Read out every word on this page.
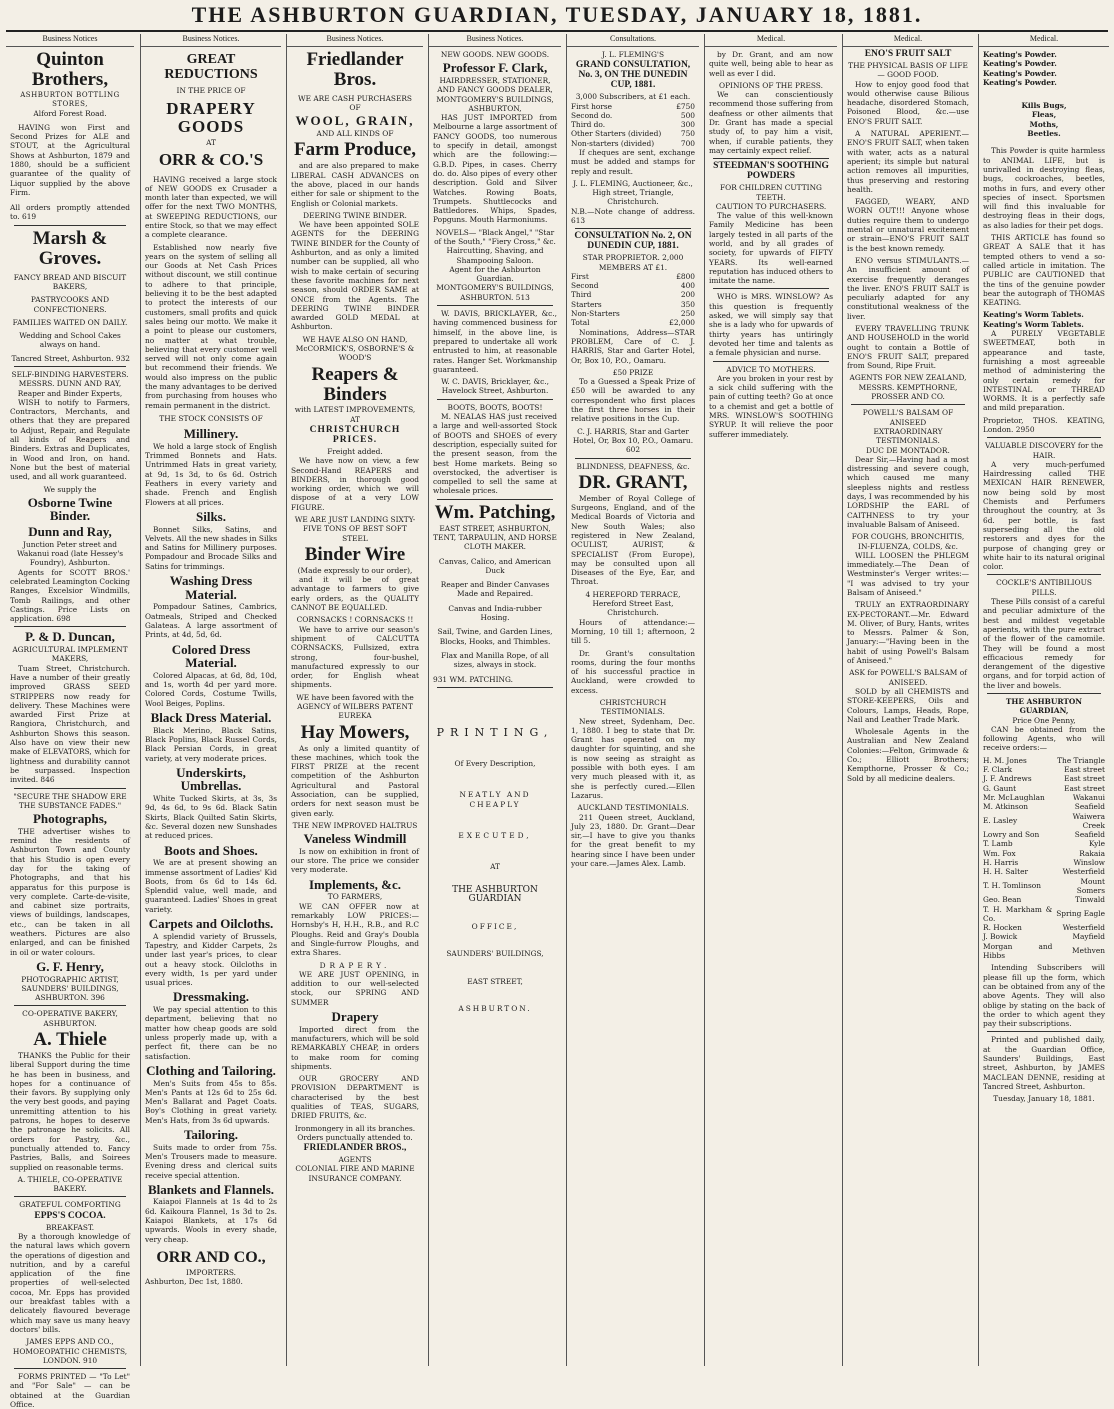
THE ASHBURTON GUARDIAN, TUESDAY, JANUARY 18, 1881.
Business Notices
Quinton Brothers,
ASHBURTON BOTTLING STORES,
Alford Forest Road.

HAVING won First and Second Prizes for ALE and STOUT, at the Agricultural Shows at Ashburton, 1879 and 1880, should be a sufficient guarantee of the quality of Liquor supplied by the above Firm.

All orders promptly attended to. 619
Marsh & Groves.
FANCY BREAD AND BISCUIT BAKERS,
PASTRYCOOKS AND CONFECTIONERS.
FAMILIES WAITED ON DAILY.
Wedding and School Cakes always on hand.
Tancred Street, Ashburton. 932
SELF-BINDING HARVESTERS.
MESSRS. DUNN AND RAY, Reaper and Binder Experts,

WISH to notify to Farmers, Contractors, Merchants, and others that they are prepared to Adjust, Repair, and Regulate all kinds of Reapers and Binders. Extras and Duplicates, in Wood and Iron, on hand. None but the best of material used, and all work guaranteed.

We supply the
Osborne Twine Binder.
Dunn and Ray,
Junction Peter street and Wakanui road (late Hessey's Foundry), Ashburton.

Agents for SCOTT BROS.' celebrated Leamington Cocking Ranges, Excelsior Windmills, Tomb Railings, and other Castings. Price Lists on application. 698

P. & D. Duncan,
AGRICULTURAL IMPLEMENT MAKERS,

Tuam Street, Christchurch. Have a number of their greatly improved GRASS SEED STRIPPERS now ready for delivery. These Machines were awarded First Prize at Rangiora, Christchurch, and Ashburton Shows this season. Also have on view their new make of ELEVATORS, which for lightness and durability cannot be surpassed. Inspection invited. 846

"SECURE THE SHADOW ERE THE SUBSTANCE FADES."
Photographs,

THE advertiser wishes to remind the residents of Ashburton Town and County that his Studio is open every day for the taking of Photographs, and that his apparatus for this purpose is very complete. Carte-de-visite, and cabinet size portraits, views of buildings, landscapes, etc., can be taken in all weathers. Pictures are also enlarged, and can be finished in oil or water colours.

G. F. Henry,
PHOTOGRAPHIC ARTIST, SAUNDERS' BUILDINGS, ASHBURTON. 396
CO-OPERATIVE BAKERY, ASHBURTON.
A. Thiele

THANKS the Public for their liberal Support during the time he has been in business, and hopes for a continuance of their favors. By supplying only the very best goods, and paying unremitting attention to his patrons, he hopes to deserve the patronage he solicits. All orders for Pastry, &c., punctually attended to. Fancy Pastries, Balls, and Soirees supplied on reasonable terms.

A. THIELE, CO-OPERATIVE BAKERY.
GRATEFUL COMFORTING
EPPS'S COCOA.
BREAKFAST.

By a thorough knowledge of the natural laws which govern the operations of digestion and nutrition, and by a careful application of the fine properties of well-selected cocoa, Mr. Epps has provided our breakfast tables with a delicately flavoured beverage which may save us many heavy doctors' bills.

JAMES EPPS AND CO., HOMOEOPATHIC CHEMISTS, LONDON. 910

FORMS PRINTED — "To Let" and "For Sale" — can be obtained at the Guardian Office.

Business Notices.
GREAT REDUCTIONS
IN THE PRICE OF
DRAPERY GOODS
AT
ORR & CO.'S

HAVING received a large stock of NEW GOODS ex Crusader a month later than expected, we will offer for the next TWO MONTHS, at SWEEPING REDUCTIONS, our entire Stock, so that we may effect a complete clearance.

Established now nearly five years on the system of selling all our Goods at Net Cash Prices without discount, we still continue to adhere to that principle, believing it to be the best adapted to protect the interests of our customers, small profits and quick sales being our motto. We make it a point to please our customers, no matter at what trouble, believing that every customer well served will not only come again but recommend their friends. We would also impress on the public the many advantages to be derived from purchasing from houses who remain permanent in the district.

THE STOCK CONSISTS OF
Millinery.

We hold a large stock of English Trimmed Bonnets and Hats. Untrimmed Hats in great variety, at 9d, 1s 3d, to 6s 6d. Ostrich Feathers in every variety and shade. French and English Flowers at all prices.

Silks.

Bonnet Silks, Satins, and Velvets. All the new shades in Silks and Satins for Millinery purposes. Pompadour and Brocade Silks and Satins for trimmings.

Washing Dress Material.

Pompadour Satines, Cambrics, Oatmeals, Striped and Checked Galateas. A large assortment of Prints, at 4d, 5d, 6d.

Colored Dress Material.

Colored Alpacas, at 6d, 8d, 10d, and 1s, worth 4d per yard more. Colored Cords, Costume Twills, Wool Beiges, Poplins.

Black Dress Material.

Black Merino, Black Satins, Black Poplins, Black Russel Cords, Black Persian Cords, in great variety, at very moderate prices.

Underskirts, Umbrellas.

White Tucked Skirts, at 3s, 3s 9d, 4s 6d, to 9s 6d. Black Satin Skirts, Black Quilted Satin Skirts, &c. Several dozen new Sunshades at reduced prices.

Boots and Shoes.

We are at present showing an immense assortment of Ladies' Kid Boots, from 6s 6d to 14s 6d. Splendid value, well made, and guaranteed. Ladies' Shoes in great variety.

Carpets and Oilcloths.

A splendid variety of Brussels, Tapestry, and Kidder Carpets, 2s under last year's prices, to clear out a heavy stock. Oilcloths in every width, 1s per yard under usual prices.

Dressmaking.

We pay special attention to this department, believing that no matter how cheap goods are sold unless properly made up, with a perfect fit, there can be no satisfaction.

Clothing and Tailoring.

Men's Suits from 45s to 85s. Men's Pants at 12s 6d to 25s 6d. Men's Ballarat and Paget Coats. Boy's Clothing in great variety. Men's Hats, from 3s 6d upwards.

Tailoring.

Suits made to order from 75s. Men's Trousers made to measure. Evening dress and clerical suits receive special attention.

Blankets and Flannels.

Kaiapoi Flannels at 1s 4d to 2s 6d. Kaikoura Flannel, 1s 3d to 2s. Kaiapoi Blankets, at 17s 6d upwards. Wools in every shade, very cheap.

ORR AND CO.,
IMPORTERS.
Ashburton, Dec 1st, 1880.
Business Notices.
Friedlander Bros.
WE ARE CASH PURCHASERS
OF
WOOL, GRAIN,
AND ALL KINDS OF
Farm Produce,

and are also prepared to make LIBERAL CASH ADVANCES on the above, placed in our hands either for sale or shipment to the English or Colonial markets.

DEERING TWINE BINDER.

We have been appointed SOLE AGENTS for the DEERING TWINE BINDER for the County of Ashburton, and as only a limited number can be supplied, all who wish to make certain of securing these favorite machines for next season, should ORDER SAME at ONCE from the Agents. The DEERING TWINE BINDER awarded GOLD MEDAL at Ashburton.

WE HAVE ALSO ON HAND, McCORMICK'S, OSBORNE'S & WOOD'S
Reapers & Binders
with LATEST IMPROVEMENTS, AT
CHRISTCHURCH PRICES.
Freight added.

We have now on view, a few Second-Hand REAPERS and BINDERS, in thorough good working order, which we will dispose of at a very LOW FIGURE.

WE ARE JUST LANDING SIXTY-FIVE TONS OF BEST SOFT STEEL
Binder Wire
(Made expressly to our order),

and it will be of great advantage to farmers to give early orders, as the QUALITY CANNOT BE EQUALLED.

CORNSACKS ! CORNSACKS !!

We have to arrive our season's shipment of CALCUTTA CORNSACKS, Fullsized, extra strong, four-bushel, manufactured expressly to our order, for English wheat shipments.

WE have been favored with the AGENCY of WILBERS PATENT EUREKA
Hay Mowers,

As only a limited quantity of these machines, which took the FIRST PRIZE at the recent competition of the Ashburton Agricultural and Pastoral Association, can be supplied, orders for next season must be given early.

THE NEW IMPROVED HALTRUS
Vaneless Windmill

Is now on exhibition in front of our store. The price we consider very moderate.

Implements, &c.
TO FARMERS,

WE CAN OFFER now at remarkably LOW PRICES:— Hornsby's H, H.H., R.B., and R.C Ploughs. Reid and Gray's Doubla and Single-furrow Ploughs, and extra Shares.

DRAPERY.

WE ARE JUST OPENING, in addition to our well-selected stock, our SPRING AND SUMMER

Drapery

Imported direct from the manufacturers, which will be sold REMARKABLY CHEAP, in orders to make room for coming shipments.

OUR GROCERY AND PROVISION DEPARTMENT is characterised by the best qualities of TEAS, SUGARS, DRIED FRUITS, &c.

Ironmongery in all its branches.
Orders punctually attended to.
FRIEDLANDER BROS.,
AGENTS
COLONIAL FIRE AND MARINE INSURANCE COMPANY.
Business Notices.
NEW GOODS. NEW GOODS.
Professor F. Clark,
HAIRDRESSER, STATIONER, AND FANCY GOODS DEALER, MONTGOMERY'S BUILDINGS, ASHBURTON,

HAS JUST IMPORTED from Melbourne a large assortment of FANCY GOODS, too numerous to specify in detail, amongst which are the following:— G.B.D. Pipes, in cases. Cherry do. do. Also pipes of every other description. Gold and Silver Watches. Rowing Boats, Trumpets. Shuttlecocks and Battledores. Whips, Spades, Popguns. Mouth Harmoniums.

NOVELS— "Black Angel," "Star of the South," "Fiery Cross," &c.
Haircutting, Shaving, and Shampooing Saloon.
Agent for the Ashburton Guardian.
MONTGOMERY'S BUILDINGS, ASHBURTON. 513

W. DAVIS, BRICKLAYER, &c., having commenced business for himself, in the above line, is prepared to undertake all work entrusted to him, at reasonable rates. Hanger Set. Workmanship guaranteed.

W. C. DAVIS, Bricklayer, &c., Havelock Street, Ashburton.
BOOTS, BOOTS, BOOTS!

M. NEALAS HAS just received a large and well-assorted Stock of BOOTS and SHOES of every description, especially suited for the present season, from the best Home markets. Being so overstocked, the advertiser is compelled to sell the same at wholesale prices.

Wm. Patching,
EAST STREET, ASHBURTON, TENT, TARPAULIN, AND HORSE CLOTH MAKER.
Canvas, Calico, and American Duck
Reaper and Binder Canvases Made and Repaired.
Canvas and India-rubber Hosing.
Sail, Twine, and Garden Lines, Blocks, Hooks, and Thimbles.
Flax and Manilla Rope, of all sizes, always in stock.
931 WM. PATCHING.
PRINTING,
Of Every Description,
NEATLY AND CHEAPLY
EXECUTED,
AT
THE ASHBURTON GUARDIAN
OFFICE,
SAUNDERS' BUILDINGS,
EAST STREET,
ASHBURTON.
Consultations.
J. L. FLEMING'S
GRAND CONSULTATION, No. 3, ON THE DUNEDIN CUP, 1881.
3,000 Subscribers, at £1 each.
First horse	£750
Second do.	500
Third do.	300
Other Starters (divided)	750
Non-starters (divided)	700

If cheques are sent, exchange must be added and stamps for reply and result.

J. L. FLEMING, Auctioneer, &c., High street, Triangle, Christchurch.
N.B.—Note change of address. 613
CONSULTATION No. 2, ON DUNEDIN CUP, 1881.
STAR PROPRIETOR. 2,000 MEMBERS AT £1.
First	£800
Second	400
Third	200
Starters	350
Non-Starters	250
Total	£2,000

Nominations, Address—STAR PROBLEM, Care of C. J. HARRIS, Star and Garter Hotel, Or, Box 10, P.O., Oamaru.

£50 PRIZE

To a Guessed a Speak Prize of £50 will be awarded to any correspondent who first places the first three horses in their relative positions in the Cup.

C. J. HARRIS, Star and Garter Hotel, Or, Box 10, P.O., Oamaru. 602
BLINDNESS, DEAFNESS, &c.
DR. GRANT,

Member of Royal College of Surgeons, England, and of the Medical Boards of Victoria and New South Wales; also registered in New Zealand, OCULIST, AURIST, & SPECIALIST (From Europe), may be consulted upon all Diseases of the Eye, Ear, and Throat.

4 HEREFORD TERRACE, Hereford Street East, Christchurch.

Hours of attendance:—Morning, 10 till 1; afternoon, 2 till 5.

Dr. Grant's consultation rooms, during the four months of his successful practice in Auckland, were crowded to excess.

CHRISTCHURCH TESTIMONIALS.

New street, Sydenham, Dec. 1, 1880. I beg to state that Dr. Grant has operated on my daughter for squinting, and she is now seeing as straight as possible with both eyes. I am very much pleased with it, as she is perfectly cured.—Ellen Lazarus.

AUCKLAND TESTIMONIALS.

211 Queen street, Auckland, July 23, 1880. Dr. Grant—Dear sir,—I have to give you thanks for the great benefit to my hearing since I have been under your care.—James Alex. Lamb.

Medical.

by Dr. Grant, and am now quite well, being able to hear as well as ever I did.

OPINIONS OF THE PRESS.

We can conscientiously recommend those suffering from deafness or other ailments that Dr. Grant has made a special study of, to pay him a visit, when, if curable patients, they may certainly expect relief.

STEEDMAN'S SOOTHING POWDERS
FOR CHILDREN CUTTING TEETH.
CAUTION TO PURCHASERS.

The value of this well-known Family Medicine has been largely tested in all parts of the world, and by all grades of society, for upwards of FIFTY YEARS. Its well-earned reputation has induced others to imitate the name.

WHO is MRS. WINSLOW? As this question is frequently asked, we will simply say that she is a lady who for upwards of thirty years has untiringly devoted her time and talents as a female physician and nurse.

ADVICE TO MOTHERS.

Are you broken in your rest by a sick child suffering with the pain of cutting teeth? Go at once to a chemist and get a bottle of MRS. WINSLOW'S SOOTHING SYRUP. It will relieve the poor sufferer immediately.

Medical.
ENO'S FRUIT SALT
THE PHYSICAL BASIS OF LIFE — GOOD FOOD.

How to enjoy good food that would otherwise cause Bilious headache, disordered Stomach, Poisoned Blood, &c.—use ENO'S FRUIT SALT.

A NATURAL APERIENT.— ENO'S FRUIT SALT, when taken with water, acts as a natural aperient; its simple but natural action removes all impurities, thus preserving and restoring health.

FAGGED, WEARY, AND WORN OUT!!! Anyone whose duties require them to undergo mental or unnatural excitement or strain—ENO'S FRUIT SALT is the best known remedy.

ENO versus STIMULANTS.—An insufficient amount of exercise frequently deranges the liver. ENO'S FRUIT SALT is peculiarly adapted for any constitutional weakness of the liver.

EVERY TRAVELLING TRUNK AND HOUSEHOLD in the world ought to contain a Bottle of ENO'S FRUIT SALT, prepared from Sound, Ripe Fruit.

AGENTS FOR NEW ZEALAND, MESSRS. KEMPTHORNE, PROSSER AND CO.
POWELL'S BALSAM OF ANISEED
EXTRAORDINARY TESTIMONIALS.
DUC DE MONTADOR.

Dear Sir,—Having had a most distressing and severe cough, which caused me many sleepless nights and restless days, I was recommended by his LORDSHIP the EARL of CAITHNESS to try your invaluable Balsam of Aniseed.

FOR COUGHS, BRONCHITIS, IN-FLUENZA, COLDS, &c.

WILL LOOSEN the PHLEGM immediately.—The Dean of Westminster's Verger writes:— "I was advised to try your Balsam of Aniseed."

TRULY an EXTRAORDINARY EX-PECTORANT.—Mr. Edward M. Oliver, of Bury, Hants, writes to Messrs. Palmer & Son, January:—"Having been in the habit of using Powell's Balsam of Aniseed."

ASK for POWELL'S BALSAM of ANISEED.

SOLD by all CHEMISTS and STORE-KEEPERS, Oils and Colours, Lamps, Heads, Rope, Nail and Leather Trade Mark.

Wholesale Agents in the Australian and New Zealand Colonies:—Felton, Grimwade & Co.; Elliott Brothers; Kempthorne, Prosser & Co.; Sold by all medicine dealers.

Medical.
Keating's Powder.
Keating's Powder.
Keating's Powder.
Keating's Powder.
Kills Bugs,
Fleas,
Moths,
Beetles.

This Powder is quite harmless to ANIMAL LIFE, but is unrivalled in destroying fleas, bugs, cockroaches, beetles, moths in furs, and every other species of insect. Sportsmen will find this invaluable for destroying fleas in their dogs, as also ladies for their pet dogs.

THIS ARTICLE has found so GREAT A SALE that it has tempted others to vend a so-called article in imitation. The PUBLIC are CAUTIONED that the tins of the genuine powder bear the autograph of THOMAS KEATING.

Keating's Worm Tablets.
Keating's Worm Tablets.

A PURELY VEGETABLE SWEETMEAT, both in appearance and taste, furnishing a most agreeable method of administering the only certain remedy for INTESTINAL or THREAD WORMS. It is a perfectly safe and mild preparation.

Proprietor, THOS. KEATING, London. 2950
VALUABLE DISCOVERY for the HAIR.

A very much-perfumed Hairdressing called THE MEXICAN HAIR RENEWER, now being sold by most Chemists and Perfumers throughout the country, at 3s 6d. per bottle, is fast superseding all the old restorers and dyes for the purpose of changing grey or white hair to its natural original color.

COCKLE'S ANTIBILIOUS PILLS.

These Pills consist of a careful and peculiar admixture of the best and mildest vegetable aperients, with the pure extract of the flower of the camomile. They will be found a most efficacious remedy for derangement of the digestive organs, and for torpid action of the liver and bowels.

THE ASHBURTON GUARDIAN,
Price One Penny,

CAN be obtained from the following Agents, who will receive orders:—

H. M. Jones	The Triangle
F. Clark	East street
J. F. Andrews	East street
G. Gaunt	East street
Mr. McLaughlan	Wakanui
M. Atkinson	Seafield
E. Lasley	Waiwera Creek
Lowry and Son	Seafield
T. Lamb	Kyle
Wm. Fox	Rakaia
H. Harris	Winslow
H. H. Salter	Westerfield
T. H. Tomlinson	Mount Somers
Geo. Bean	Tinwald
T. H. Markham & Co.	Spring Eagle
R. Hocken	Westerfield
J. Bowick	Mayfield
Morgan and Hibbs	Methven

Intending Subscribers will please fill up the form, which can be obtained from any of the above Agents. They will also oblige by stating on the back of the order to which agent they pay their subscriptions.

Printed and published daily, at the Guardian Office, Saunders' Buildings, East street, Ashburton, by JAMES MACLEAN DENNE, residing at Tancred Street, Ashburton.

Tuesday, January 18, 1881.
